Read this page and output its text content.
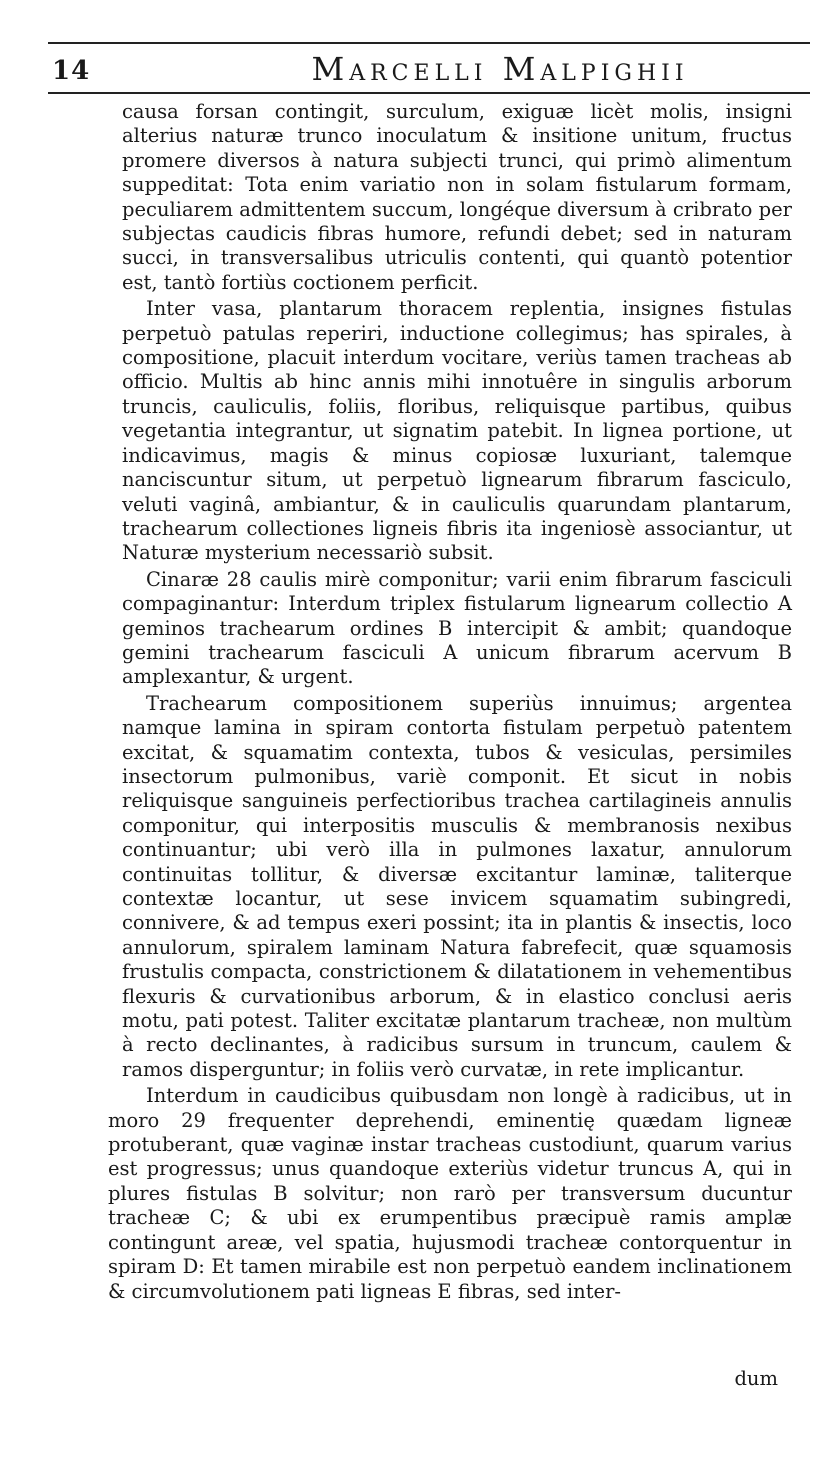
14	Marcelli Malpighii

causa forsan contingit, surculum, exiguæ licèt molis, insigni alterius naturæ trunco inoculatum & insitione unitum, fructus promere diversos à natura subjecti trunci, qui primò alimentum suppeditat: Tota enim variatio non in solam fistularum formam, peculiarem admittentem succum, longéque diversum à cribrato per subjectas caudicis fibras humore, refundi debet; sed in naturam succi, in transversalibus utriculis contenti, qui quantò potentior est, tantò fortiùs coctionem perficit.

Inter vasa, plantarum thoracem replentia, insignes fistulas perpetuò patulas reperiri, inductione collegimus; has spirales, à compositione, placuit interdum vocitare, veriùs tamen tracheas ab officio. Multis ab hinc annis mihi innotuêre in singulis arborum truncis, cauliculis, foliis, floribus, reliquisque partibus, quibus vegetantia integrantur, ut signatim patebit. In lignea portione, ut indicavimus, magis & minus copiosæ luxuriant, talemque nanciscuntur situm, ut perpetuò lignearum fibrarum fasciculo, veluti vaginâ, ambiantur, & in cauliculis quarundam plantarum, trachearum collectiones ligneis fibris ita ingeniosè associantur, ut Naturæ mysterium necessariò subsit.

Cinaræ 28 caulis mirè componitur; varii enim fibrarum fasciculi compaginantur: Interdum triplex fistularum lignearum collectio A geminos trachearum ordines B intercipit & ambit; quandoque gemini trachearum fasciculi A unicum fibrarum acervum B amplexantur, & urgent.

Trachearum compositionem superiùs innuimus; argentea namque lamina in spiram contorta fistulam perpetuò patentem excitat, & squamatim contexta, tubos & vesiculas, persimiles insectorum pulmonibus, variè componit. Et sicut in nobis reliquisque sanguineis perfectioribus trachea cartilagineis annulis componitur, qui interpositis musculis & membranosis nexibus continuantur; ubi verò illa in pulmones laxatur, annulorum continuitas tollitur, & diversæ excitantur laminæ, taliterque contextæ locantur, ut sese invicem squamatim subingredi, connivere, & ad tempus exeri possint; ita in plantis & insectis, loco annulorum, spiralem laminam Natura fabrefecit, quæ squamosis frustulis compacta, constrictionem & dilatationem in vehementibus flexuris & curvationibus arborum, & in elastico conclusi aeris motu, pati potest. Taliter excitatæ plantarum tracheæ, non multùm à recto declinantes, à radicibus sursum in truncum, caulem & ramos disperguntur; in foliis verò curvatæ, in rete implicantur.

Interdum in caudicibus quibusdam non longè à radicibus, ut in moro 29 frequenter deprehendi, eminentię quædam ligneæ protuberant, quæ vaginæ instar tracheas custodiunt, quarum varius est progressus; unus quandoque exteriùs videtur truncus A, qui in plures fistulas B solvitur; non rarò per transversum ducuntur tracheæ C; & ubi ex erumpentibus præcipuè ramis amplæ contingunt areæ, vel spatia, hujusmodi tracheæ contorquentur in spiram D: Et tamen mirabile est non perpetuò eandem inclinationem & circumvolutionem pati ligneas E fibras, sed inter-

dum
